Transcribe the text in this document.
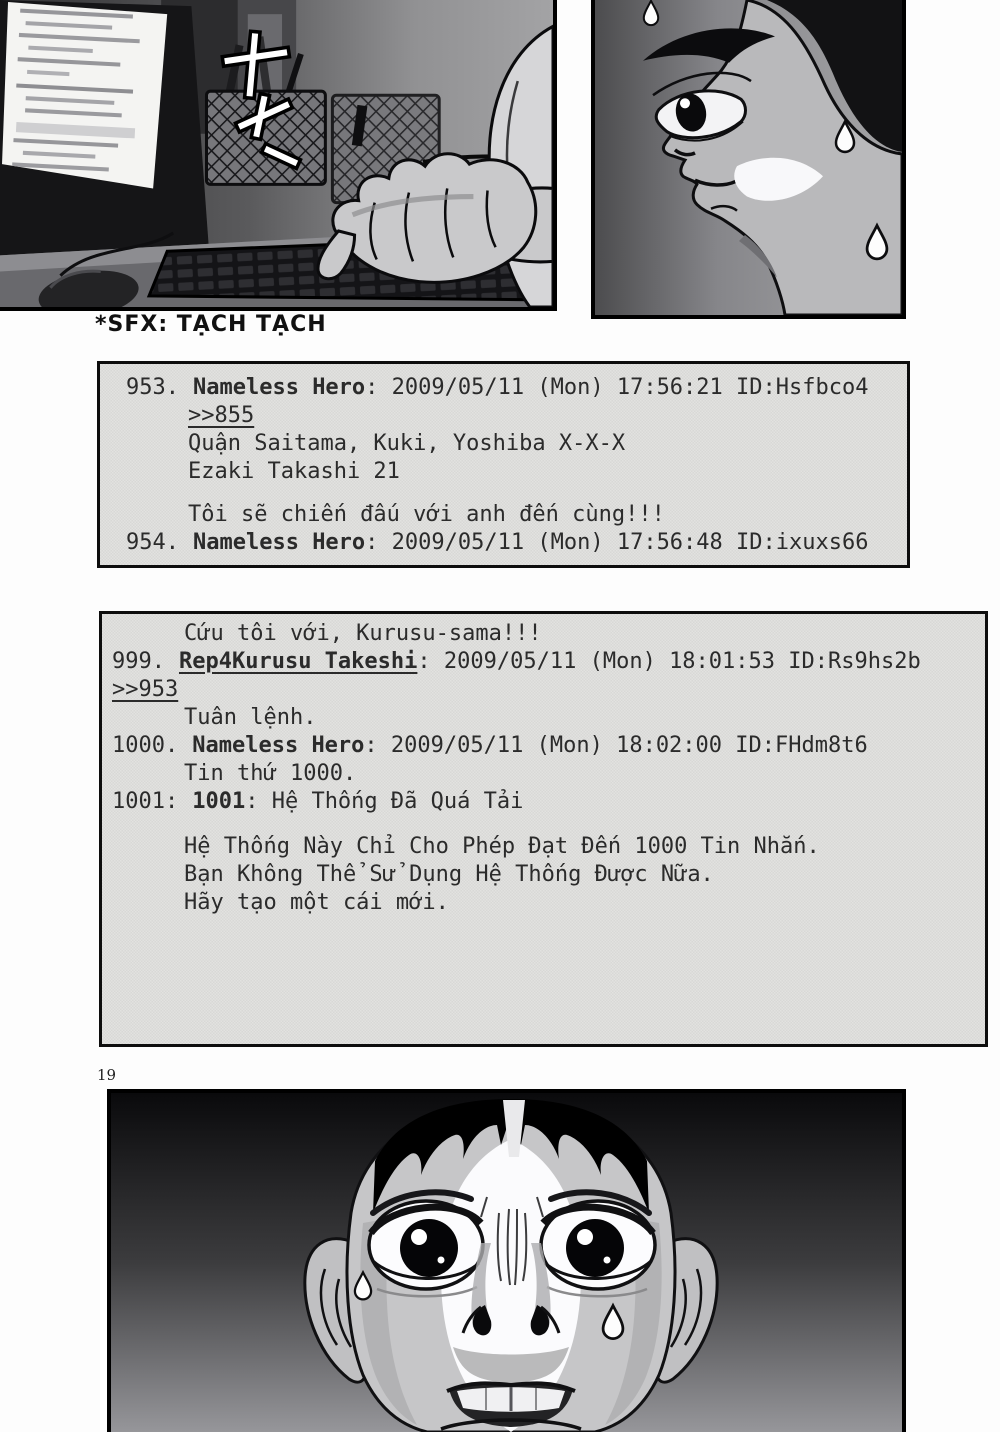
*SFX: TẠCH TẠCH
953. Nameless Hero: 2009/05/11 (Mon) 17:56:21 ID:Hsfbco4
>>855
Quận Saitama, Kuki, Yoshiba X-X-X
Ezaki Takashi 21
Tôi sẽ chiến đấu với anh đến cùng!!!
954. Nameless Hero: 2009/05/11 (Mon) 17:56:48 ID:ixuxs66
Cứu tôi với, Kurusu-sama!!!
999. Rep4Kurusu Takeshi: 2009/05/11 (Mon) 18:01:53 ID:Rs9hs2b
>>953
Tuân lệnh.
1000. Nameless Hero: 2009/05/11 (Mon) 18:02:00 ID:FHdm8t6
Tin thứ 1000.
1001: 1001: Hệ Thống Đã Quá Tải
Hệ Thống Này Chỉ Cho Phép Đạt Đến 1000 Tin Nhắn.
Bạn Không Thể Sử Dụng Hệ Thống Được Nữa.
Hãy tạo một cái mới.
19
